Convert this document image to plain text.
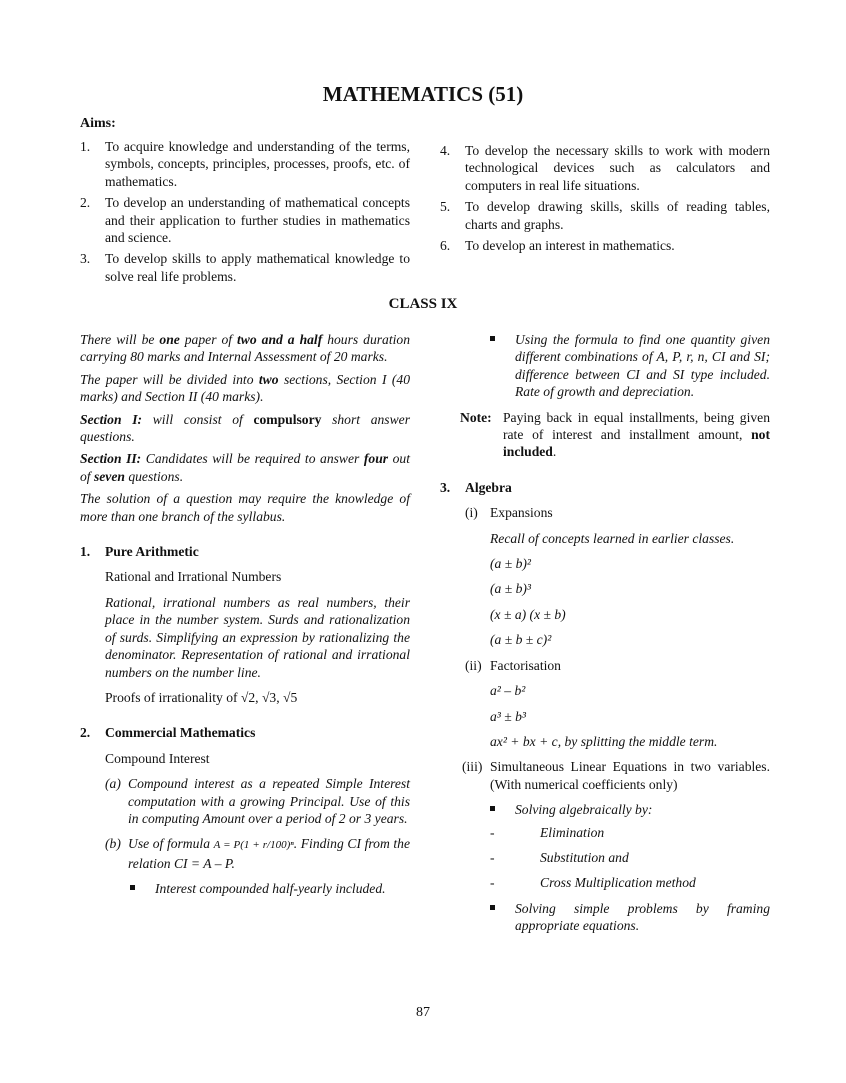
MATHEMATICS (51)
Aims:
1. To acquire knowledge and understanding of the terms, symbols, concepts, principles, processes, proofs, etc. of mathematics.
2. To develop an understanding of mathematical concepts and their application to further studies in mathematics and science.
3. To develop skills to apply mathematical knowledge to solve real life problems.
4. To develop the necessary skills to work with modern technological devices such as calculators and computers in real life situations.
5. To develop drawing skills, skills of reading tables, charts and graphs.
6. To develop an interest in mathematics.
CLASS IX

There will be one paper of two and a half hours duration carrying 80 marks and Internal Assessment of 20 marks.

The paper will be divided into two sections, Section I (40 marks) and Section II (40 marks).

Section I: will consist of compulsory short answer questions.

Section II: Candidates will be required to answer four out of seven questions.

The solution of a question may require the knowledge of more than one branch of the syllabus.

1. Pure Arithmetic

Rational and Irrational Numbers

Rational, irrational numbers as real numbers, their place in the number system. Surds and rationalization of surds. Simplifying an expression by rationalizing the denominator. Representation of rational and irrational numbers on the number line.

Proofs of irrationality of √2, √3, √5

2. Commercial Mathematics

Compound Interest

(a) Compound interest as a repeated Simple Interest computation with a growing Principal. Use of this in computing Amount over a period of 2 or 3 years.
(b) Use of formula A = P(1 + r/100)ⁿ. Finding CI from the relation CI = A – P.
Interest compounded half-yearly included.
Using the formula to find one quantity given different combinations of A, P, r, n, CI and SI; difference between CI and SI type included. Rate of growth and depreciation.
Note: Paying back in equal installments, being given rate of interest and installment amount, not included.
3. Algebra
(i) Expansions
Recall of concepts learned in earlier classes.
(a ± b)²
(a ± b)³
(x ± a) (x ± b)
(a ± b ± c)²
(ii) Factorisation
a² – b²
a³ ± b³
ax² + bx + c, by splitting the middle term.
(iii) Simultaneous Linear Equations in two variables. (With numerical coefficients only)
Solving algebraically by:
-	Elimination
-	Substitution and
-	Cross Multiplication method
Solving simple problems by framing appropriate equations.
87
